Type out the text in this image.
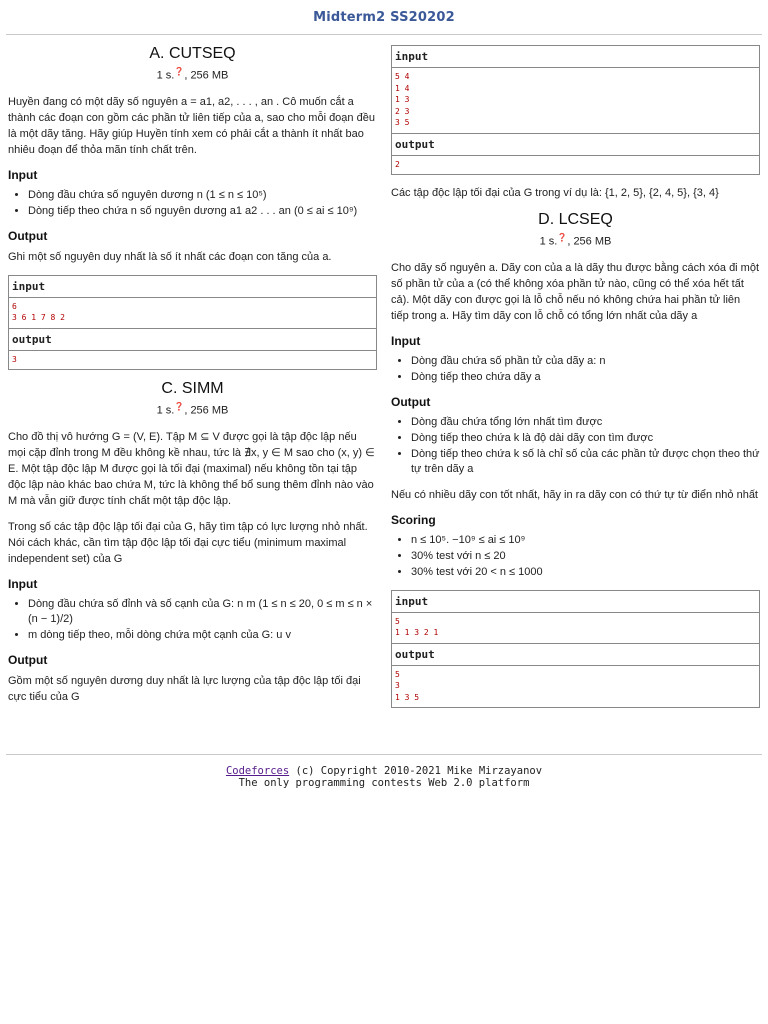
Midterm2 SS20202
A. CUTSEQ
1 s.❓, 256 MB

Huyền đang có một dãy số nguyên a = a1, a2, . . . , an . Cô muốn cắt a thành các đoạn con gồm các phần tử liên tiếp của a, sao cho mỗi đoạn đều là một dãy tăng. Hãy giúp Huyền tính xem có phải cắt a thành ít nhất bao nhiêu đoạn để thỏa mãn tính chất trên.

Input
• Dòng đầu chứa số nguyên dương n (1 ≤ n ≤ 10⁵)
• Dòng tiếp theo chứa n số nguyên dương a1 a2 . . . an (0 ≤ ai ≤ 10⁹)
Output

Ghi một số nguyên duy nhất là số ít nhất các đoạn con tăng của a.

input
6
3 6 1 7 8 2
output
3
C. SIMM
1 s.❓, 256 MB

Cho đồ thị vô hướng G = (V, E). Tập M ⊆ V được gọi là tập độc lập nếu mọi cặp đỉnh trong M đều không kề nhau, tức là ∄x, y ∈ M sao cho (x, y) ∈ E. Một tập độc lập M được gọi là tối đại (maximal) nếu không tồn tại tập độc lập nào khác bao chứa M, tức là không thể bổ sung thêm đỉnh nào vào M mà vẫn giữ được tính chất một tập độc lập.

Trong số các tập độc lập tối đại của G, hãy tìm tập có lực lượng nhỏ nhất. Nói cách khác, cần tìm tập độc lập tối đại cực tiểu (minimum maximal independent set) của G

Input
• Dòng đầu chứa số đỉnh và số cạnh của G: n m (1 ≤ n ≤ 20, 0 ≤ m ≤ n × (n − 1)/2)
• m dòng tiếp theo, mỗi dòng chứa một cạnh của G: u v
Output

Gồm một số nguyên dương duy nhất là lực lượng của tập độc lập tối đại cực tiểu của G

input
5 4
1 4
1 3
2 3
3 5
output
2

Các tập độc lập tối đại của G trong ví dụ là: {1, 2, 5}, {2, 4, 5}, {3, 4}

D. LCSEQ
1 s.❓, 256 MB

Cho dãy số nguyên a. Dãy con của a là dãy thu được bằng cách xóa đi một số phần tử của a (có thể không xóa phần tử nào, cũng có thể xóa hết tất cả). Một dãy con được gọi là lỗ chỗ nếu nó không chứa hai phần tử liên tiếp trong a. Hãy tìm dãy con lỗ chỗ có tổng lớn nhất của dãy a

Input
• Dòng đầu chứa số phần tử của dãy a: n
• Dòng tiếp theo chứa dãy a
Output
• Dòng đầu chứa tổng lớn nhất tìm được
• Dòng tiếp theo chứa k là độ dài dãy con tìm được
• Dòng tiếp theo chứa k số là chỉ số của các phần tử được chọn theo thứ tự trên dãy a

Nếu có nhiều dãy con tốt nhất, hãy in ra dãy con có thứ tự từ điển nhỏ nhất

Scoring
• n ≤ 10⁵. −10⁹ ≤ ai ≤ 10⁹
• 30% test với n ≤ 20
• 30% test với 20 < n ≤ 1000
input
5
1 1 3 2 1
output
5
3
1 3 5
Codeforces (c) Copyright 2010-2021 Mike Mirzayanov
The only programming contests Web 2.0 platform
